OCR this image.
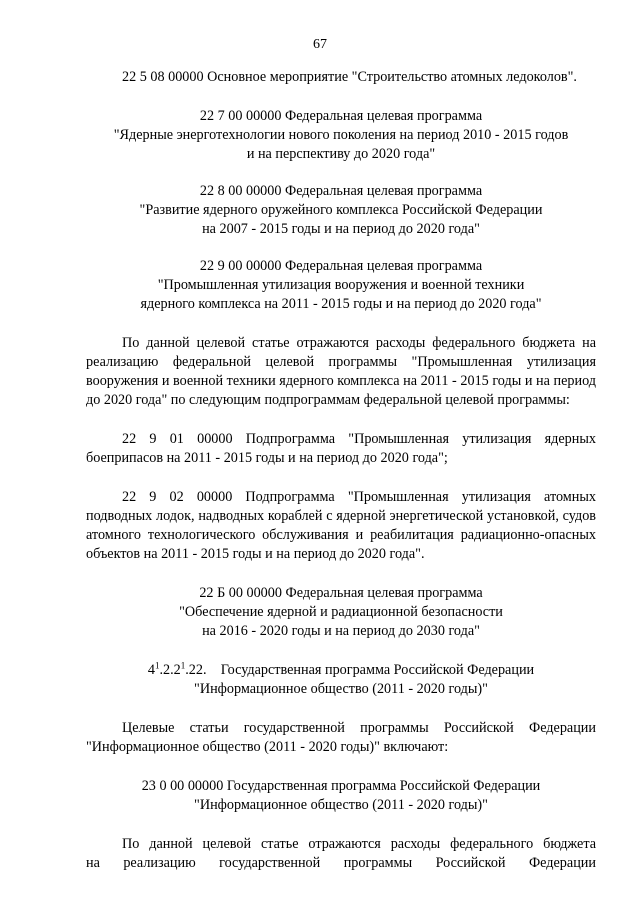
67

22 5 08 00000 Основное мероприятие "Строительство атомных ледоколов".

22 7 00 00000 Федеральная целевая программа

"Ядерные энерготехнологии нового поколения на период 2010 - 2015 годов

и на перспективу до 2020 года"

22 8 00 00000 Федеральная целевая программа

"Развитие ядерного оружейного комплекса Российской Федерации

на 2007 - 2015 годы и на период до 2020 года"

22 9 00 00000 Федеральная целевая программа

"Промышленная утилизация вооружения и военной техники

ядерного комплекса на 2011 - 2015 годы и на период до 2020 года"

По данной целевой статье отражаются расходы федерального бюджета на реализацию федеральной целевой программы "Промышленная утилизация вооружения и военной техники ядерного комплекса на 2011 - 2015 годы и на период до 2020 года" по следующим подпрограммам федеральной целевой программы:

22 9 01 00000 Подпрограмма "Промышленная утилизация ядерных боеприпасов на 2011 - 2015 годы и на период до 2020 года";

22 9 02 00000 Подпрограмма "Промышленная утилизация атомных подводных лодок, надводных кораблей с ядерной энергетической установкой, судов атомного технологического обслуживания и реабилитация радиационно-опасных объектов на 2011 - 2015 годы и на период до 2020 года".

22 Б 00 00000 Федеральная целевая программа

"Обеспечение ядерной и радиационной безопасности

на 2016 - 2020 годы и на период до 2030 года"

$4^1.2.2^1.22$. Государственная программа Российской Федерации

"Информационное общество (2011 - 2020 годы)"

Целевые статьи государственной программы Российской Федерации "Информационное общество (2011 - 2020 годы)" включают:

23 0 00 00000 Государственная программа Российской Федерации

"Информационное общество (2011 - 2020 годы)"

По данной целевой статье отражаются расходы федерального бюджета

на реализацию государственной программы Российской Федерации
